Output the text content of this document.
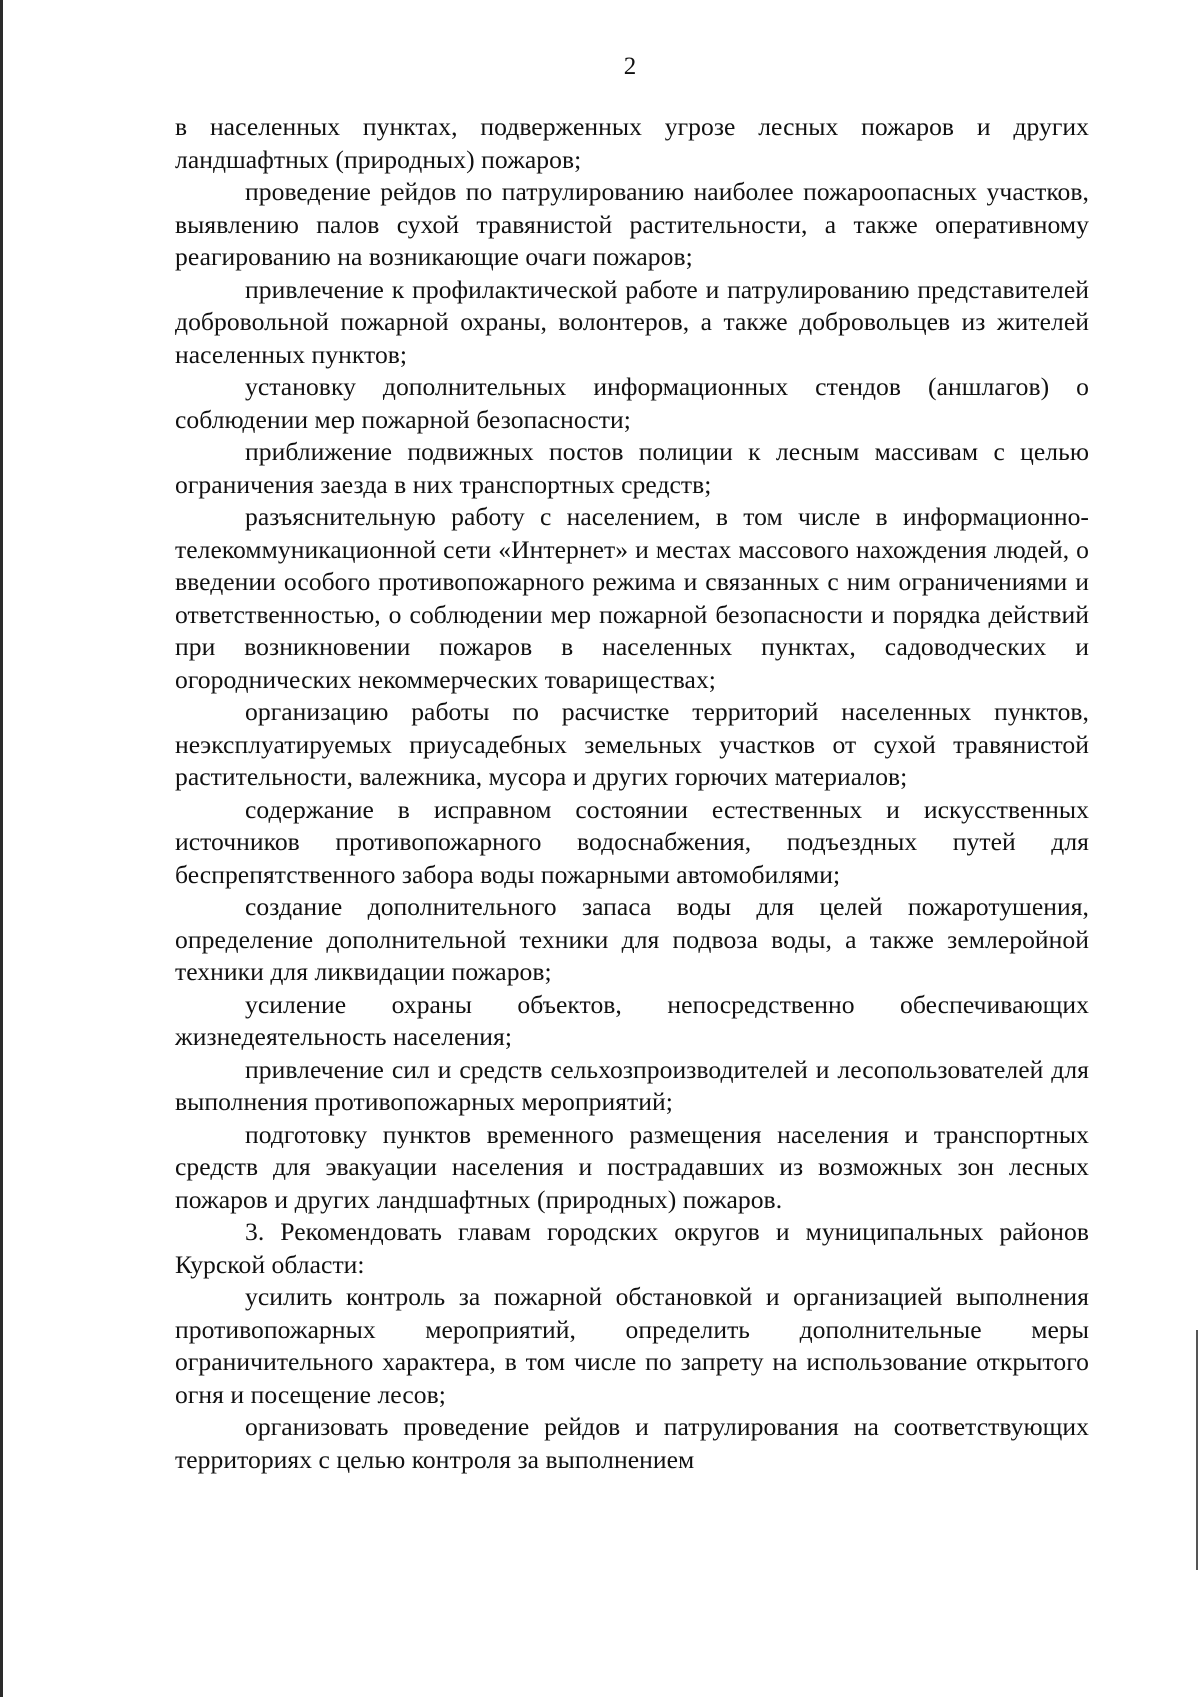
2

в населенных пунктах, подверженных угрозе лесных пожаров и других ландшафтных (природных) пожаров;

проведение рейдов по патрулированию наиболее пожароопасных участков, выявлению палов сухой травянистой растительности, а также оперативному реагированию на возникающие очаги пожаров;

привлечение к профилактической работе и патрулированию представителей добровольной пожарной охраны, волонтеров, а также добровольцев из жителей населенных пунктов;

установку дополнительных информационных стендов (аншлагов) о соблюдении мер пожарной безопасности;

приближение подвижных постов полиции к лесным массивам с целью ограничения заезда в них транспортных средств;

разъяснительную работу с населением, в том числе в информационно-телекоммуникационной сети «Интернет» и местах массового нахождения людей, о введении особого противопожарного режима и связанных с ним ограничениями и ответственностью, о соблюдении мер пожарной безопасности и порядка действий при возникновении пожаров в населенных пунктах, садоводческих и огороднических некоммерческих товариществах;

организацию работы по расчистке территорий населенных пунктов, неэксплуатируемых приусадебных земельных участков от сухой травянистой растительности, валежника, мусора и других горючих материалов;

содержание в исправном состоянии естественных и искусственных источников противопожарного водоснабжения, подъездных путей для беспрепятственного забора воды пожарными автомобилями;

создание дополнительного запаса воды для целей пожаротушения, определение дополнительной техники для подвоза воды, а также землеройной техники для ликвидации пожаров;

усиление охраны объектов, непосредственно обеспечивающих жизнедеятельность населения;

привлечение сил и средств сельхозпроизводителей и лесопользователей для выполнения противопожарных мероприятий;

подготовку пунктов временного размещения населения и транспортных средств для эвакуации населения и пострадавших из возможных зон лесных пожаров и других ландшафтных (природных) пожаров.

3. Рекомендовать главам городских округов и муниципальных районов Курской области:

усилить контроль за пожарной обстановкой и организацией выполнения противопожарных мероприятий, определить дополнительные меры ограничительного характера, в том числе по запрету на использование открытого огня и посещение лесов;

организовать проведение рейдов и патрулирования на соответствующих территориях с целью контроля за выполнением
